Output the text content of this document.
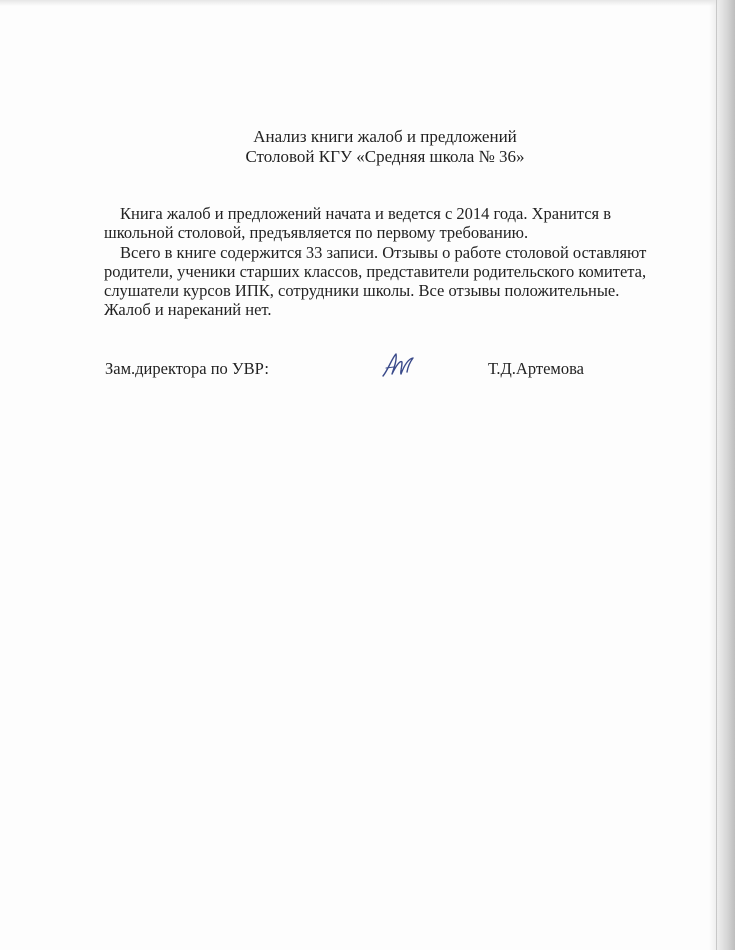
Анализ книги жалоб и предложений
Столовой КГУ «Средняя школа № 36»
Книга жалоб и предложений начата и ведется с 2014 года. Хранится в
школьной столовой, предъявляется по первому требованию.
Всего в книге содержится 33 записи. Отзывы о работе столовой оставляют
родители, ученики старших классов, представители родительского комитета,
слушатели курсов ИПК, сотрудники школы. Все отзывы положительные.
Жалоб и нареканий нет.
Зам.директора по УВР:	Т.Д.Артемова
